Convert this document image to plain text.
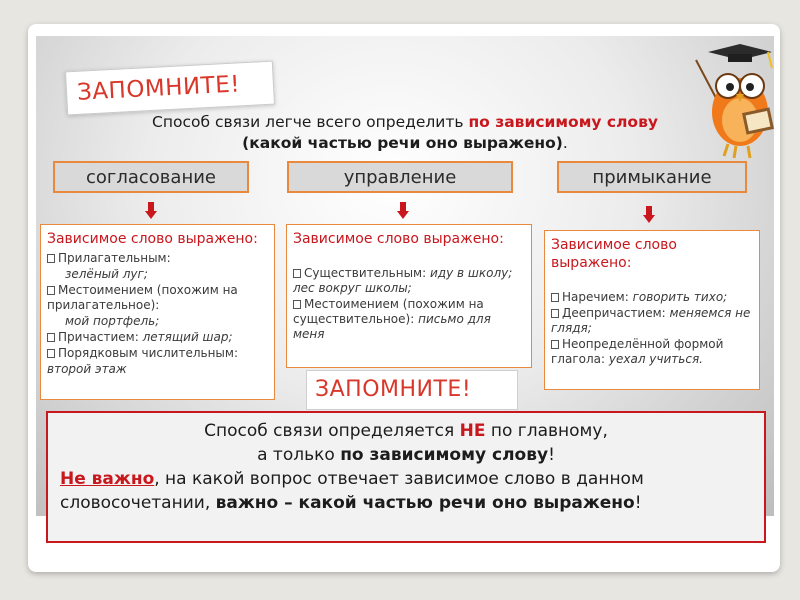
ЗАПОМНИТЕ!
Способ связи легче всего определить по зависимому слову
(какой частью речи оно выражено).
согласование	управление	примыкание
Зависимое слово выражено:
Прилагательным:
зелёный луг;
Местоимением (похожим на прилагательное):
мой портфель;
Причастием: летящий шар;
Порядковым числительным:
второй этаж
Зависимое слово выражено:
Существительным: иду в школу; лес вокруг школы;
Местоимением (похожим на существительное): письмо для меня
Зависимое слово выражено:
Наречием: говорить тихо;
Деепричастием: меняемся не глядя;
Неопределённой формой глагола: уехал учиться.
ЗАПОМНИТЕ!
Способ связи определяется НЕ по главному,
а только по зависимому слову!
Не важно, на какой вопрос отвечает зависимое слово в данном
словосочетании, важно – какой частью речи оно выражено!
